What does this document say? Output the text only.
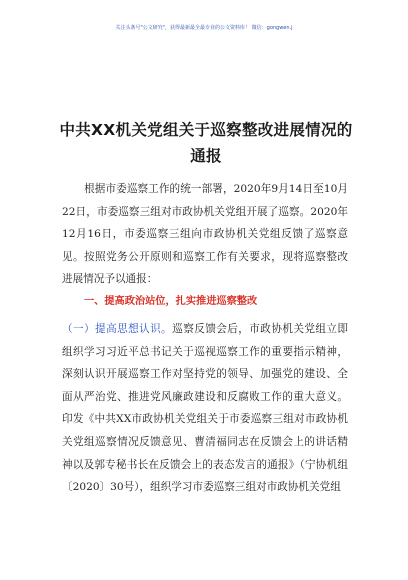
关注头条号"公文研究"，获得最新最全最专业的公文资料库！ 微信：gongwen.j
中共XX机关党组关于巡察整改进展情况的通报
根据市委巡察工作的统一部署，2020年9月14日至10月22日，市委巡察三组对市政协机关党组开展了巡察。2020年12月16日，市委巡察三组向市政协机关党组反馈了巡察意见。按照党务公开原则和巡察工作有关要求，现将巡察整改进展情况予以通报：
一、提高政治站位，扎实推进巡察整改
（一）提高思想认识。巡察反馈会后，市政协机关党组立即组织学习习近平总书记关于巡视巡察工作的重要指示精神，深刻认识开展巡察工作对坚持党的领导、加强党的建设、全面从严治党、推进党风廉政建设和反腐败工作的重大意义。印发《中共XX市政协机关党组关于市委巡察三组对市政协机关党组巡察情况反馈意见、曹清福同志在反馈会上的讲话精神以及郭专秘书长在反馈会上的表态发言的通报》（宁协机组〔2020〕30号），组织学习市委巡察三组对市政协机关党组
